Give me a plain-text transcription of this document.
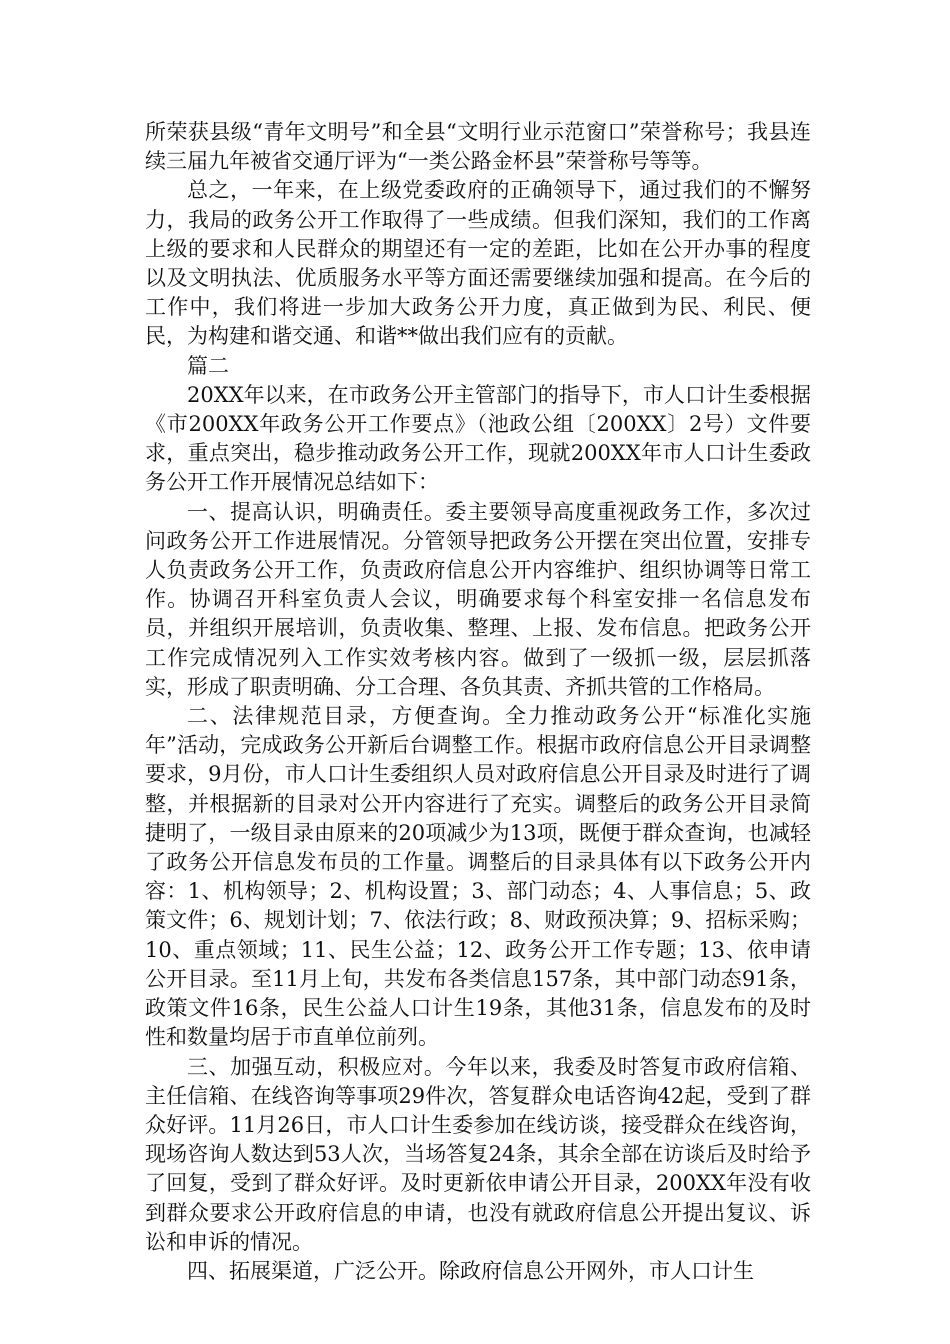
所荣获县级“青年文明号”和全县“文明行业示范窗口”荣誉称号；我县连续三届九年被省交通厅评为“一类公路金杯县”荣誉称号等等。

总之，一年来，在上级党委政府的正确领导下，通过我们的不懈努力，我局的政务公开工作取得了一些成绩。但我们深知，我们的工作离上级的要求和人民群众的期望还有一定的差距，比如在公开办事的程度以及文明执法、优质服务水平等方面还需要继续加强和提高。在今后的工作中，我们将进一步加大政务公开力度，真正做到为民、利民、便民，为构建和谐交通、和谐**做出我们应有的贡献。

篇二

20XX年以来，在市政务公开主管部门的指导下，市人口计生委根据《市200XX年政务公开工作要点》（池政公组〔200XX〕2号）文件要求，重点突出，稳步推动政务公开工作，现就200XX年市人口计生委政务公开工作开展情况总结如下：

一、提高认识，明确责任。委主要领导高度重视政务工作，多次过问政务公开工作进展情况。分管领导把政务公开摆在突出位置，安排专人负责政务公开工作，负责政府信息公开内容维护、组织协调等日常工作。协调召开科室负责人会议，明确要求每个科室安排一名信息发布员，并组织开展培训，负责收集、整理、上报、发布信息。把政务公开工作完成情况列入工作实效考核内容。做到了一级抓一级，层层抓落实，形成了职责明确、分工合理、各负其责、齐抓共管的工作格局。

二、法律规范目录，方便查询。全力推动政务公开“标准化实施年”活动，完成政务公开新后台调整工作。根据市政府信息公开目录调整要求，9月份，市人口计生委组织人员对政府信息公开目录及时进行了调整，并根据新的目录对公开内容进行了充实。调整后的政务公开目录简捷明了，一级目录由原来的20项减少为13项，既便于群众查询，也减轻了政务公开信息发布员的工作量。调整后的目录具体有以下政务公开内容：1、机构领导；2、机构设置；3、部门动态；4、人事信息；5、政策文件；6、规划计划；7、依法行政；8、财政预决算；9、招标采购；10、重点领域；11、民生公益；12、政务公开工作专题；13、依申请公开目录。至11月上旬，共发布各类信息157条，其中部门动态91条，政策文件16条，民生公益人口计生19条，其他31条，信息发布的及时性和数量均居于市直单位前列。

三、加强互动，积极应对。今年以来，我委及时答复市政府信箱、主任信箱、在线咨询等事项29件次，答复群众电话咨询42起，受到了群众好评。11月26日，市人口计生委参加在线访谈，接受群众在线咨询，现场咨询人数达到53人次，当场答复24条，其余全部在访谈后及时给予了回复，受到了群众好评。及时更新依申请公开目录，200XX年没有收到群众要求公开政府信息的申请，也没有就政府信息公开提出复议、诉讼和申诉的情况。

四、拓展渠道，广泛公开。除政府信息公开网外，市人口计生
